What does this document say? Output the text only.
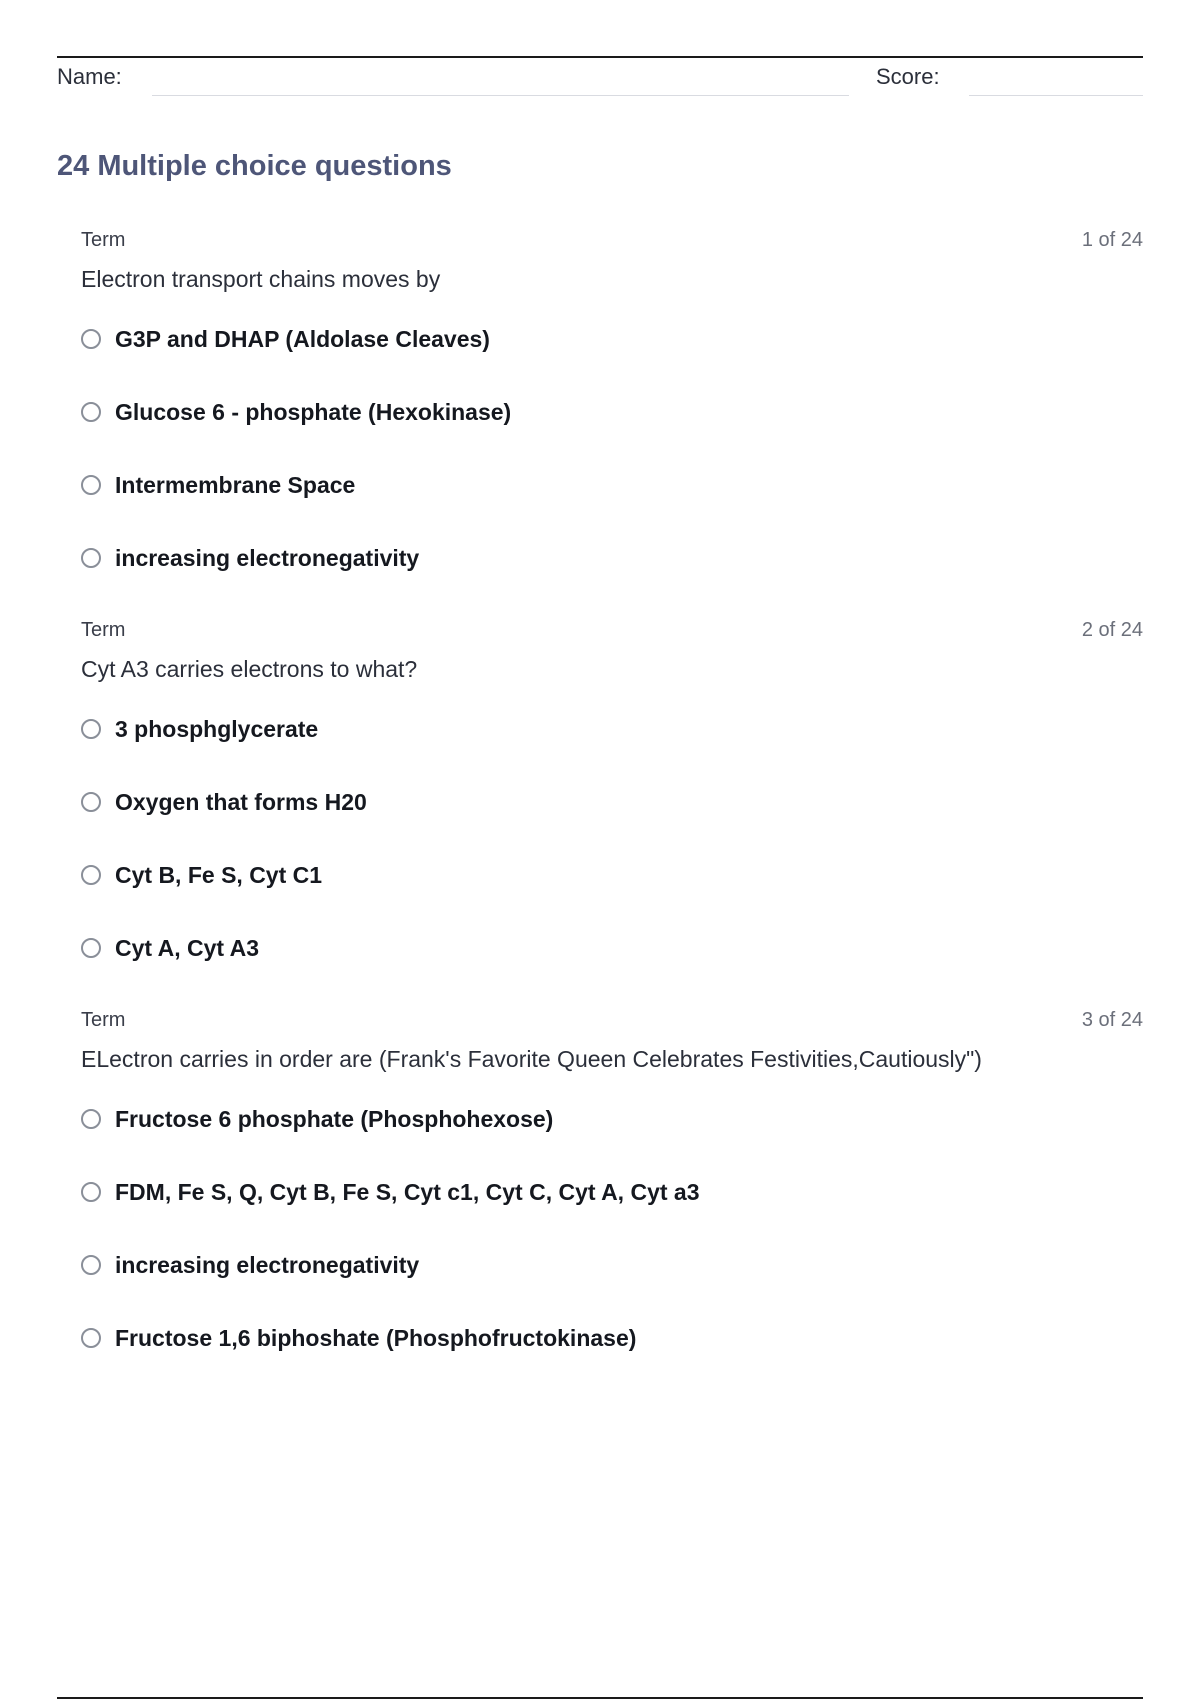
Name:	Score:
24 Multiple choice questions
Term	1 of 24
Electron transport chains moves by
G3P and DHAP (Aldolase Cleaves)
Glucose 6 - phosphate (Hexokinase)
Intermembrane Space
increasing electronegativity
Term	2 of 24
Cyt A3 carries electrons to what?
3 phosphglycerate
Oxygen that forms H20
Cyt B, Fe S, Cyt C1
Cyt A, Cyt A3
Term	3 of 24
ELectron carries in order are (Frank's Favorite Queen Celebrates Festivities,Cautiously")
Fructose 6 phosphate (Phosphohexose)
FDM, Fe S, Q, Cyt B, Fe S, Cyt c1, Cyt C, Cyt A, Cyt a3
increasing electronegativity
Fructose 1,6 biphoshate (Phosphofructokinase)
